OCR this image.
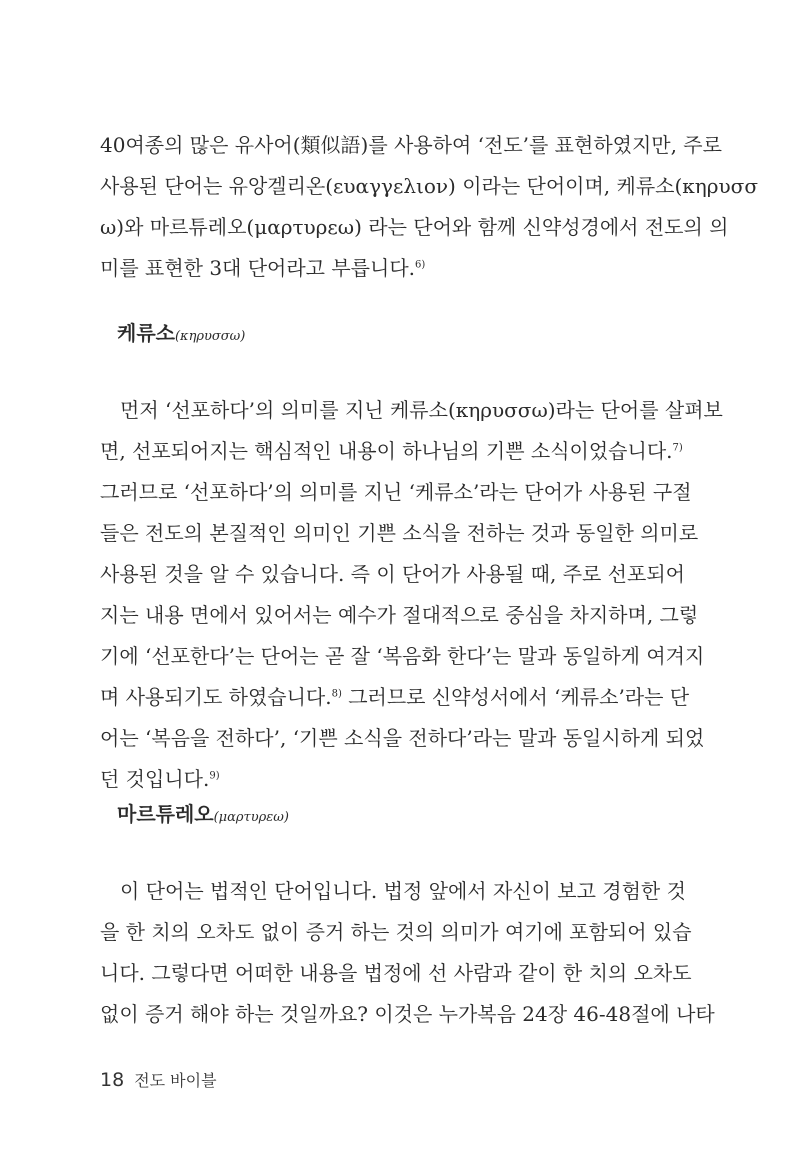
40여종의 많은 유사어(類似語)를 사용하여 ‘전도’를 표현하였지만, 주로
사용된 단어는 유앙겔리온(ευαγγελιον) 이라는 단어이며, 케류소(κηρυσσ
ω)와 마르튜레오(μαρτυρεω) 라는 단어와 함께 신약성경에서 전도의 의
미를 표현한 3대 단어라고 부릅니다.$^{6)}$
케류소(κηρυσσω)
먼저 ‘선포하다’의 의미를 지닌 케류소(κηρυσσω)라는 단어를 살펴보
면, 선포되어지는 핵심적인 내용이 하나님의 기쁜 소식이었습니다.$^{7)}$
그러므로 ‘선포하다’의 의미를 지닌 ‘케류소’라는 단어가 사용된 구절
들은 전도의 본질적인 의미인 기쁜 소식을 전하는 것과 동일한 의미로
사용된 것을 알 수 있습니다. 즉 이 단어가 사용될 때, 주로 선포되어
지는 내용 면에서 있어서는 예수가 절대적으로 중심을 차지하며, 그렇
기에 ‘선포한다’는 단어는 곧 잘 ‘복음화 한다’는 말과 동일하게 여겨지
며 사용되기도 하였습니다.$^{8)}$ 그러므로 신약성서에서 ‘케류소’라는 단
어는 ‘복음을 전하다’, ‘기쁜 소식을 전하다’라는 말과 동일시하게 되었
던 것입니다.$^{9)}$
마르튜레오(μαρτυρεω)
이 단어는 법적인 단어입니다. 법정 앞에서 자신이 보고 경험한 것
을 한 치의 오차도 없이 증거 하는 것의 의미가 여기에 포함되어 있습
니다. 그렇다면 어떠한 내용을 법정에 선 사람과 같이 한 치의 오차도
없이 증거 해야 하는 것일까요? 이것은 누가복음 24장 46-48절에 나타
18 전도 바이블
